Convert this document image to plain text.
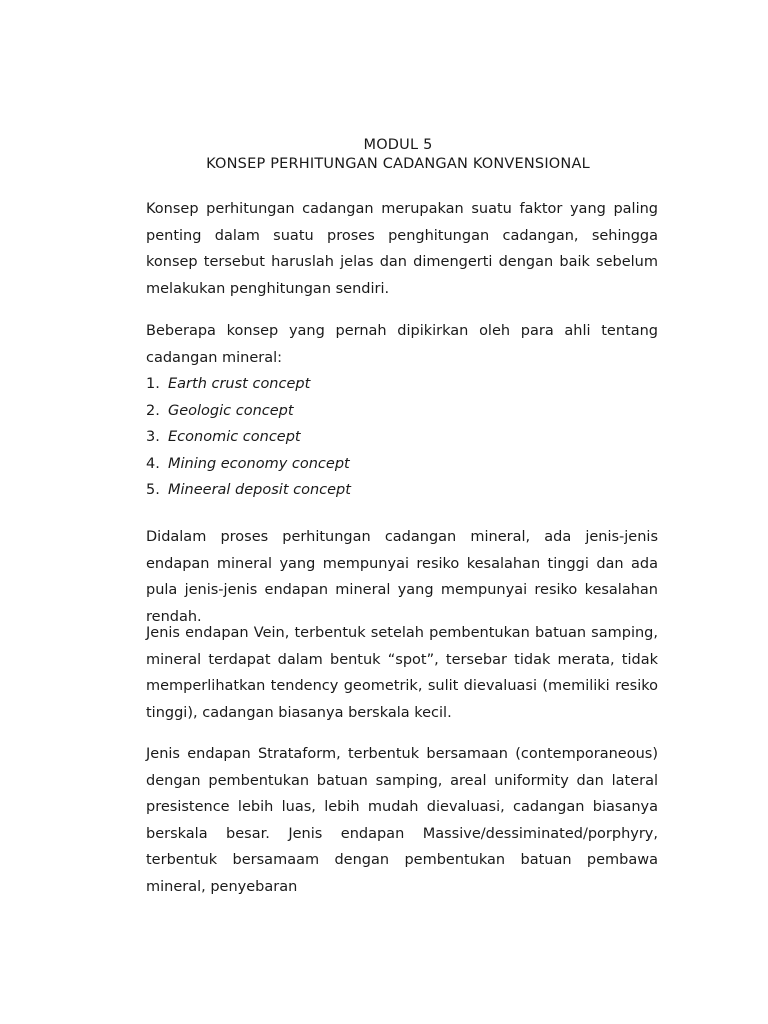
MODUL 5
KONSEP PERHITUNGAN CADANGAN KONVENSIONAL

Konsep perhitungan cadangan merupakan suatu faktor yang paling penting dalam suatu proses penghitungan cadangan, sehingga konsep tersebut haruslah jelas dan dimengerti dengan baik sebelum melakukan penghitungan sendiri.

Beberapa konsep yang pernah dipikirkan oleh para ahli tentang cadangan mineral:

1. Earth crust concept
2. Geologic concept
3. Economic concept
4. Mining economy concept
5. Mineeral deposit concept

Didalam proses perhitungan cadangan mineral, ada jenis-jenis endapan mineral yang mempunyai resiko kesalahan tinggi dan ada pula jenis-jenis endapan mineral yang mempunyai resiko kesalahan rendah.

Jenis endapan Vein, terbentuk setelah pembentukan batuan samping, mineral terdapat dalam bentuk “spot”, tersebar tidak merata, tidak memperlihatkan tendency geometrik, sulit dievaluasi (memiliki resiko tinggi), cadangan biasanya berskala kecil.

Jenis endapan Strataform, terbentuk bersamaan (contemporaneous) dengan pembentukan batuan samping, areal uniformity dan lateral presistence lebih luas, lebih mudah dievaluasi, cadangan biasanya berskala besar. Jenis endapan Massive/dessiminated/porphyry, terbentuk bersamaam dengan pembentukan batuan pembawa mineral, penyebaran
